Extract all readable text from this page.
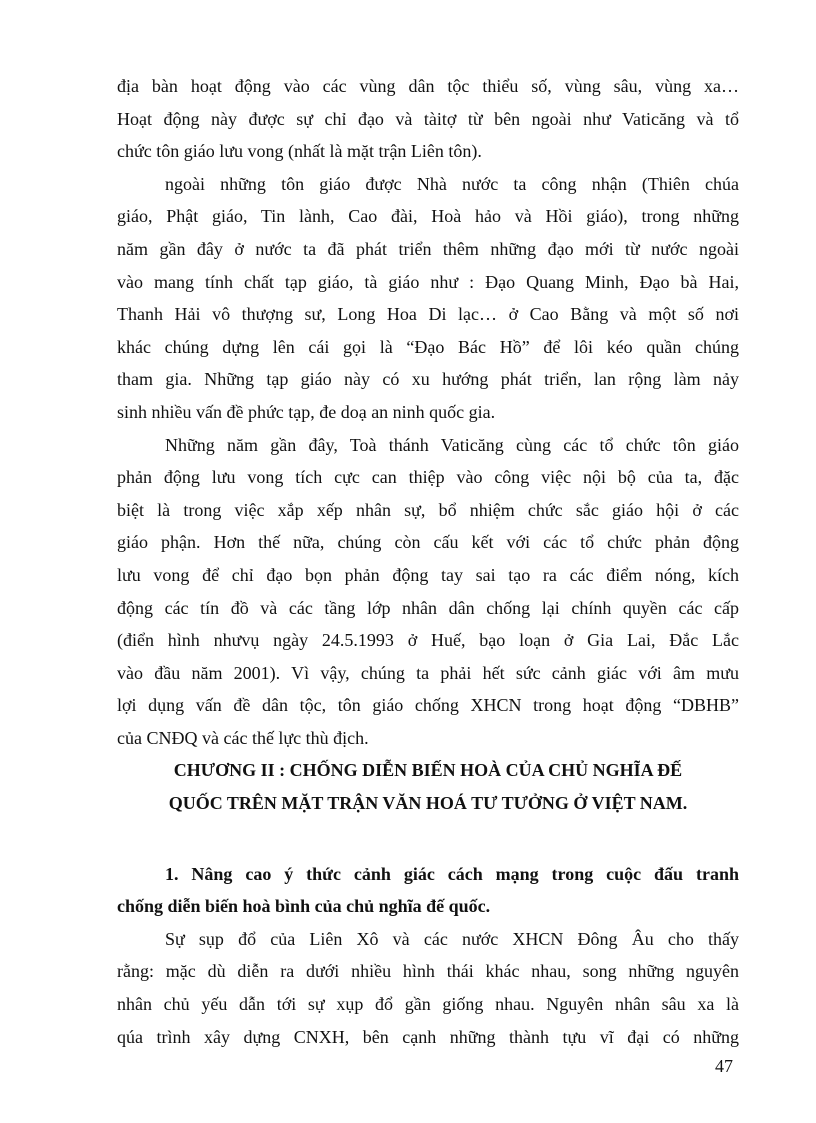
địa bàn hoạt động vào các vùng dân tộc thiểu số, vùng sâu, vùng xa…
Hoạt động này được sự chỉ đạo và tàitợ từ bên ngoài như Vaticăng và tổ
chức tôn giáo lưu vong (nhất là mặt trận Liên tôn).
ngoài những tôn giáo được Nhà nước ta công nhận (Thiên chúa
giáo, Phật giáo, Tin lành, Cao đài, Hoà hảo và Hồi giáo), trong những
năm gần đây ở nước ta đã phát triển thêm những đạo mới từ nước ngoài
vào mang tính chất tạp giáo, tà giáo như : Đạo Quang Minh, Đạo bà Hai,
Thanh Hải vô thượng sư, Long Hoa Di lạc… ở Cao Bằng và một số nơi
khác chúng dựng lên cái gọi là “Đạo Bác Hồ” để lôi kéo quần chúng
tham gia. Những tạp giáo này có xu hướng phát triển, lan rộng làm nảy
sinh nhiều vấn đề phức tạp, đe doạ an ninh quốc gia.
Những năm gần đây, Toà thánh Vaticăng cùng các tổ chức tôn giáo
phản động lưu vong tích cực can thiệp vào công việc nội bộ của ta, đặc
biệt là trong việc xắp xếp nhân sự, bổ nhiệm chức sắc giáo hội ở các
giáo phận. Hơn thế nữa, chúng còn cấu kết với các tổ chức phản động
lưu vong để chỉ đạo bọn phản động tay sai tạo ra các điểm nóng, kích
động các tín đồ và các tầng lớp nhân dân chống lại chính quyền các cấp
(điển hình nhưvụ ngày 24.5.1993 ở Huế, bạo loạn ở Gia Lai, Đắc Lắc
vào đầu năm 2001). Vì vậy, chúng ta phải hết sức cảnh giác với âm mưu
lợi dụng vấn đề dân tộc, tôn giáo chống XHCN trong hoạt động “DBHB”
của CNĐQ và các thế lực thù địch.
CHƯƠNG II : CHỐNG DIỄN BIẾN HOÀ CỦA CHỦ NGHĨA ĐẾ
QUỐC TRÊN MẶT TRẬN VĂN HOÁ TƯ TƯỞNG Ở VIỆT NAM.
1. Nâng cao ý thức cảnh giác cách mạng trong cuộc đấu tranh
chống diễn biến hoà bình của chủ nghĩa đế quốc.
Sự sụp đổ của Liên Xô và các nước XHCN Đông Âu cho thấy
rằng: mặc dù diễn ra dưới nhiều hình thái khác nhau, song những nguyên
nhân chủ yếu dẫn tới sự xụp đổ gần giống nhau. Nguyên nhân sâu xa là
qúa trình xây dựng CNXH, bên cạnh những thành tựu vĩ đại có những
47
